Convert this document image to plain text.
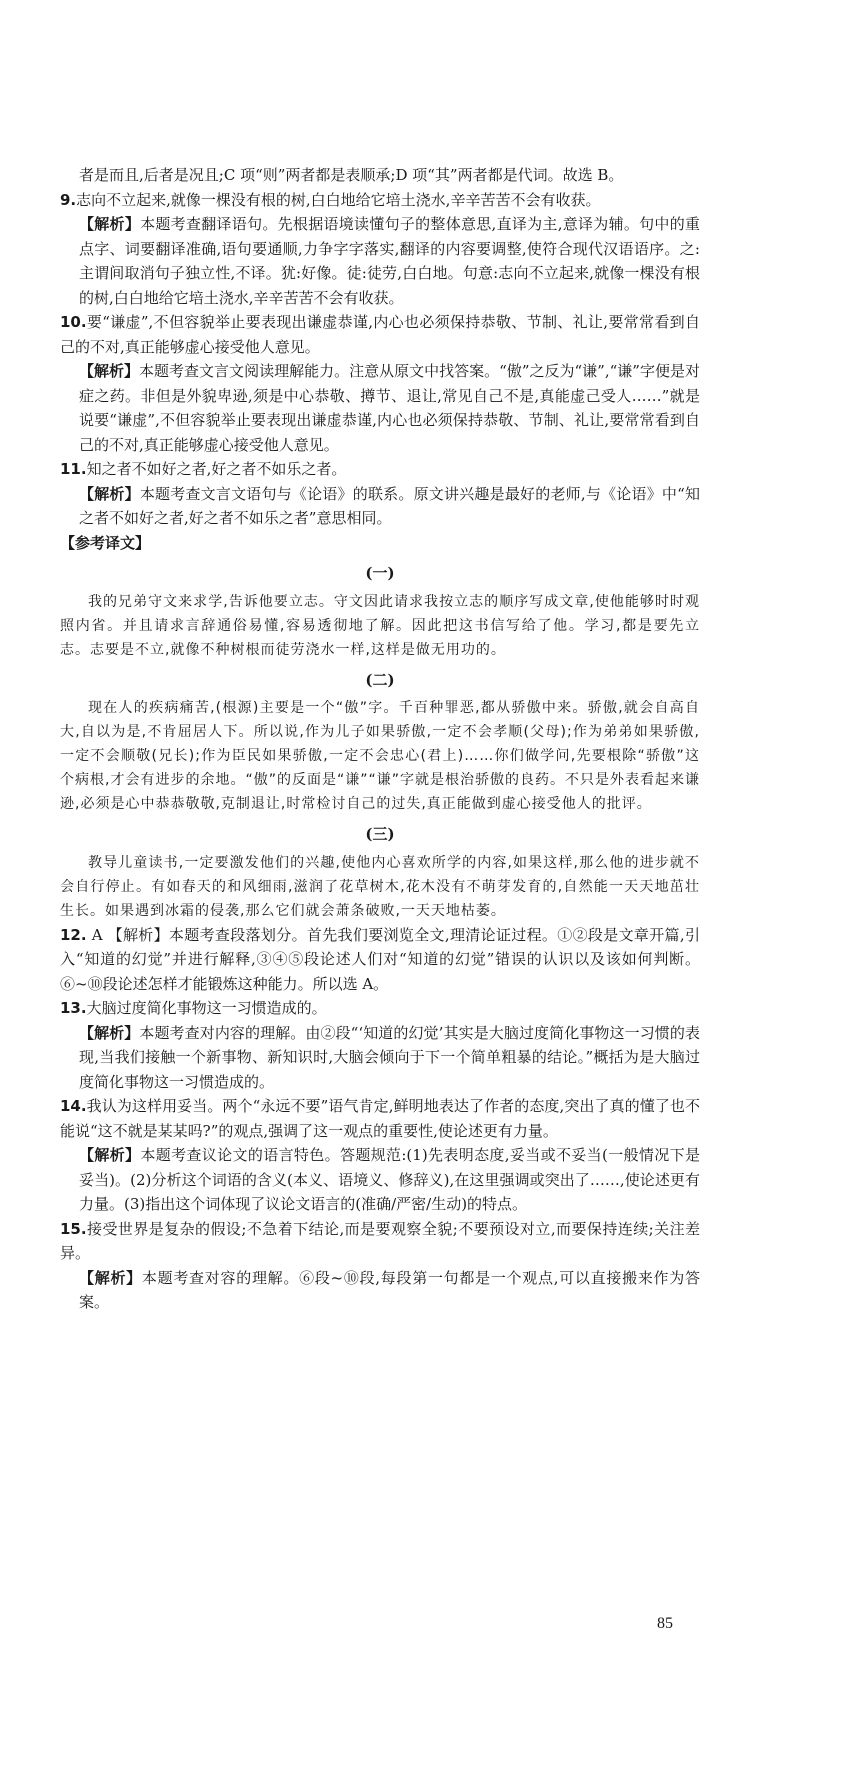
者是而且,后者是况且;C 项“则”两者都是表顺承;D 项“其”两者都是代词。故选 B。

9.志向不立起来,就像一棵没有根的树,白白地给它培土浇水,辛辛苦苦不会有收获。

【解析】本题考查翻译语句。先根据语境读懂句子的整体意思,直译为主,意译为辅。句中的重点字、词要翻译准确,语句要通顺,力争字字落实,翻译的内容要调整,使符合现代汉语语序。之:主谓间取消句子独立性,不译。犹:好像。徒:徒劳,白白地。句意:志向不立起来,就像一棵没有根的树,白白地给它培土浇水,辛辛苦苦不会有收获。

10.要“谦虚”,不但容貌举止要表现出谦虚恭谨,内心也必须保持恭敬、节制、礼让,要常常看到自己的不对,真正能够虚心接受他人意见。

【解析】本题考查文言文阅读理解能力。注意从原文中找答案。“傲”之反为“谦”,“谦”字便是对症之药。非但是外貌卑逊,须是中心恭敬、撙节、退让,常见自己不是,真能虚己受人……”就是说要“谦虚”,不但容貌举止要表现出谦虚恭谨,内心也必须保持恭敬、节制、礼让,要常常看到自己的不对,真正能够虚心接受他人意见。

11.知之者不如好之者,好之者不如乐之者。

【解析】本题考查文言文语句与《论语》的联系。原文讲兴趣是最好的老师,与《论语》中“知之者不如好之者,好之者不如乐之者”意思相同。

【参考译文】

(一)

我的兄弟守文来求学,告诉他要立志。守文因此请求我按立志的顺序写成文章,使他能够时时观照内省。并且请求言辞通俗易懂,容易透彻地了解。因此把这书信写给了他。学习,都是要先立志。志要是不立,就像不种树根而徒劳浇水一样,这样是做无用功的。

(二)

现在人的疾病痛苦,(根源)主要是一个“傲”字。千百种罪恶,都从骄傲中来。骄傲,就会自高自大,自以为是,不肯屈居人下。所以说,作为儿子如果骄傲,一定不会孝顺(父母);作为弟弟如果骄傲,一定不会顺敬(兄长);作为臣民如果骄傲,一定不会忠心(君上)……你们做学问,先要根除“骄傲”这个病根,才会有进步的余地。“傲”的反面是“谦”“谦”字就是根治骄傲的良药。不只是外表看起来谦逊,必须是心中恭恭敬敬,克制退让,时常检讨自己的过失,真正能做到虚心接受他人的批评。

(三)

教导儿童读书,一定要激发他们的兴趣,使他内心喜欢所学的内容,如果这样,那么他的进步就不会自行停止。有如春天的和风细雨,滋润了花草树木,花木没有不萌芽发育的,自然能一天天地茁壮生长。如果遇到冰霜的侵袭,那么它们就会萧条破败,一天天地枯萎。

12. A 【解析】本题考查段落划分。首先我们要浏览全文,理清论证过程。①②段是文章开篇,引入“知道的幻觉”并进行解释,③④⑤段论述人们对“知道的幻觉”错误的认识以及该如何判断。⑥~⑩段论述怎样才能锻炼这种能力。所以选 A。

13.大脑过度简化事物这一习惯造成的。

【解析】本题考查对内容的理解。由②段“‘知道的幻觉’其实是大脑过度简化事物这一习惯的表现,当我们接触一个新事物、新知识时,大脑会倾向于下一个简单粗暴的结论。”概括为是大脑过度简化事物这一习惯造成的。

14.我认为这样用妥当。两个“永远不要”语气肯定,鲜明地表达了作者的态度,突出了真的懂了也不能说“这不就是某某吗?”的观点,强调了这一观点的重要性,使论述更有力量。

【解析】本题考查议论文的语言特色。答题规范:(1)先表明态度,妥当或不妥当(一般情况下是妥当)。(2)分析这个词语的含义(本义、语境义、修辞义),在这里强调或突出了……,使论述更有力量。(3)指出这个词体现了议论文语言的(准确/严密/生动)的特点。

15.接受世界是复杂的假设;不急着下结论,而是要观察全貌;不要预设对立,而要保持连续;关注差异。

【解析】本题考查对容的理解。⑥段~⑩段,每段第一句都是一个观点,可以直接搬来作为答案。

85
